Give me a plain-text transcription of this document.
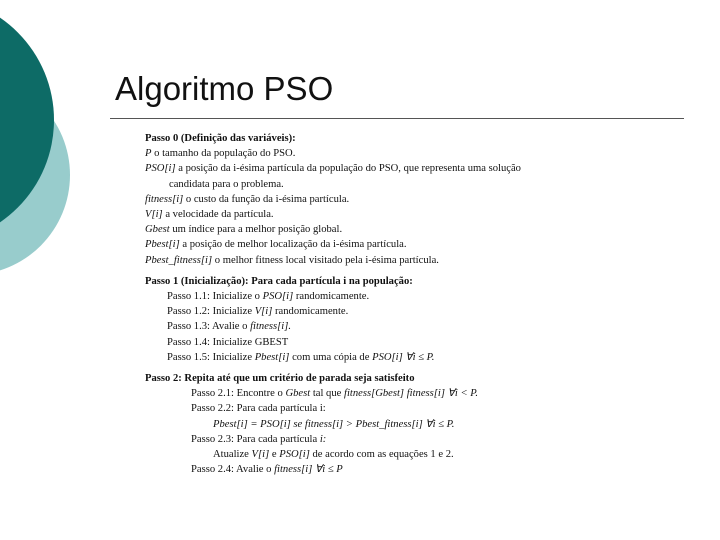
Algoritmo PSO
Passo 0 (Definição das variáveis):
P o tamanho da população do PSO.
PSO[i] a posição da i-ésima partícula da população do PSO, que representa uma solução
candidata para o problema.
fitness[i] o custo da função da i-ésima partícula.
V[i] a velocidade da partícula.
Gbest um índice para a melhor posição global.
Pbest[i] a posição de melhor localização da i-ésima partícula.
Pbest_fitness[i] o melhor fitness local visitado pela i-ésima partícula.
Passo 1 (Inicialização): Para cada partícula i na população:
Passo 1.1: Inicialize o PSO[i] randomicamente.
Passo 1.2: Inicialize V[i] randomicamente.
Passo 1.3: Avalie o fitness[i].
Passo 1.4: Inicialize GBEST
Passo 1.5: Inicialize Pbest[i] com uma cópia de PSO[i] ∀i ≤ P.
Passo 2: Repita até que um critério de parada seja satisfeito
Passo 2.1: Encontre o Gbest tal que fitness[Gbest] fitness[i] ∀i < P.
Passo 2.2: Para cada partícula i:
Pbest[i] = PSO[i] se fitness[i] > Pbest_fitness[i] ∀i ≤ P.
Passo 2.3: Para cada partícula i:
Atualize V[i] e PSO[i] de acordo com as equações 1 e 2.
Passo 2.4: Avalie o fitness[i] ∀i ≤ P
